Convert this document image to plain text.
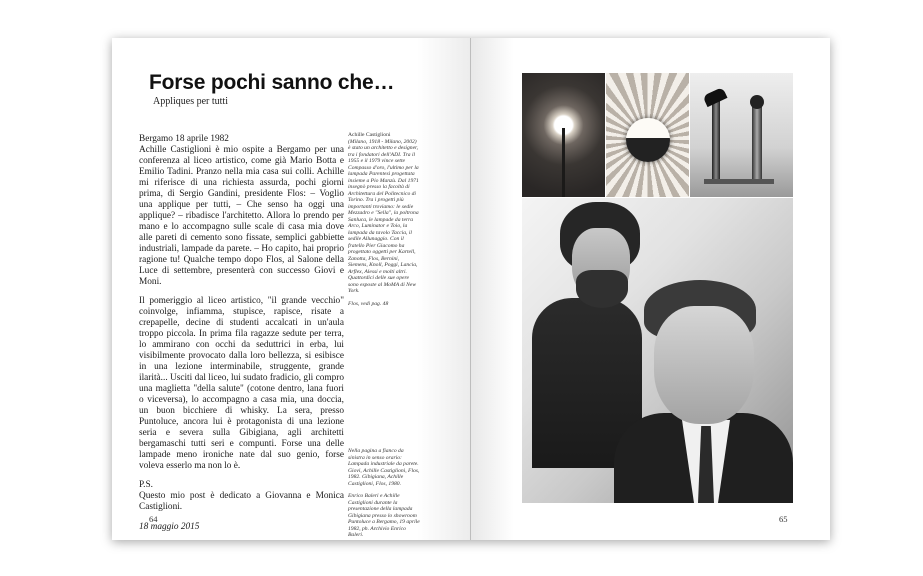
Forse pochi sanno che…
Appliques per tutti

Bergamo 18 aprile 1982

Achille Castiglioni è mio ospite a Bergamo per una conferenza al liceo artistico, come già Mario Botta e Emilio Tadini. Pranzo nella mia casa sui colli. Achille mi riferisce di una richiesta assurda, pochi giorni prima, di Sergio Gandini, presidente Flos: – Voglio una applique per tutti, – Che senso ha oggi una applique? – ribadisce l'architetto. Allora lo prendo per mano e lo accompagno sulle scale di casa mia dove alle pareti di cemento sono fissate, semplici gabbiette industriali, lampade da parete. – Ho capito, hai proprio ragione tu! Qualche tempo dopo Flos, al Salone della Luce di settembre, presenterà con successo Giovi e Moni.

Il pomeriggio al liceo artistico, "il grande vecchio" coinvolge, infiamma, stupisce, rapisce, risate a crepapelle, decine di studenti accalcati in un'aula troppo piccola. In prima fila ragazze sedute per terra, lo ammirano con occhi da seduttrici in erba, lui visibilmente provocato dalla loro bellezza, si esibisce in una lezione interminabile, struggente, grande ilarità... Usciti dal liceo, lui sudato fradicio, gli compro una maglietta "della salute" (cotone dentro, lana fuori o viceversa), lo accompagno a casa mia, una doccia, un buon bicchiere di whisky. La sera, presso Puntoluce, ancora lui è protagonista di una lezione seria e severa sulla Gibigiana, agli architetti bergamaschi tutti seri e compunti. Forse una delle lampade meno ironiche nate dal suo genio, forse voleva esserlo ma non lo è.

P.S.

Questo mio post è dedicato a Giovanna e Monica Castiglioni.

18 maggio 2015

Achille Castiglioni

(Milano, 1918 - Milano, 2002) è stato un architetto e designer, tra i fondatori dell'ADI. Tra il 1955 e il 1979 vince sette Compasso d'oro, l'ultimo per la lampada Parentesi progettata insieme a Pio Manzù. Dal 1971 insegnò presso la facoltà di Architettura del Politecnico di Torino. Tra i progetti più importanti troviamo: le sedie Mezzadro e "Sella", la poltrona Sanluca, le lampade da terra Arco, Luminator e Toio, la lampada da tavolo Taccia, il sedile Allunaggio. Con il fratello Pier Giacomo ha progettato oggetti per Kartell, Zanotta, Flos, Bernini, Siemens, Knoll, Poggi, Lancia, Arflex, Alessi e molti altri. Quattordici delle sue opere sono esposte al MoMA di New York.

Flos, vedi pag. 48

Nella pagina a fianco da sinistra in senso orario: Lampada industriale da parete. Giovi, Achille Castiglioni, Flos, 1982. Gibigiana, Achille Castiglioni, Flos, 1980.

Enrico Baleri e Achille Castiglioni durante la presentazione della lampada Gibigiana presso lo showroom Puntoluce a Bergamo, 19 aprile 1982, ph. Archivio Enrico Baleri.

64	65
